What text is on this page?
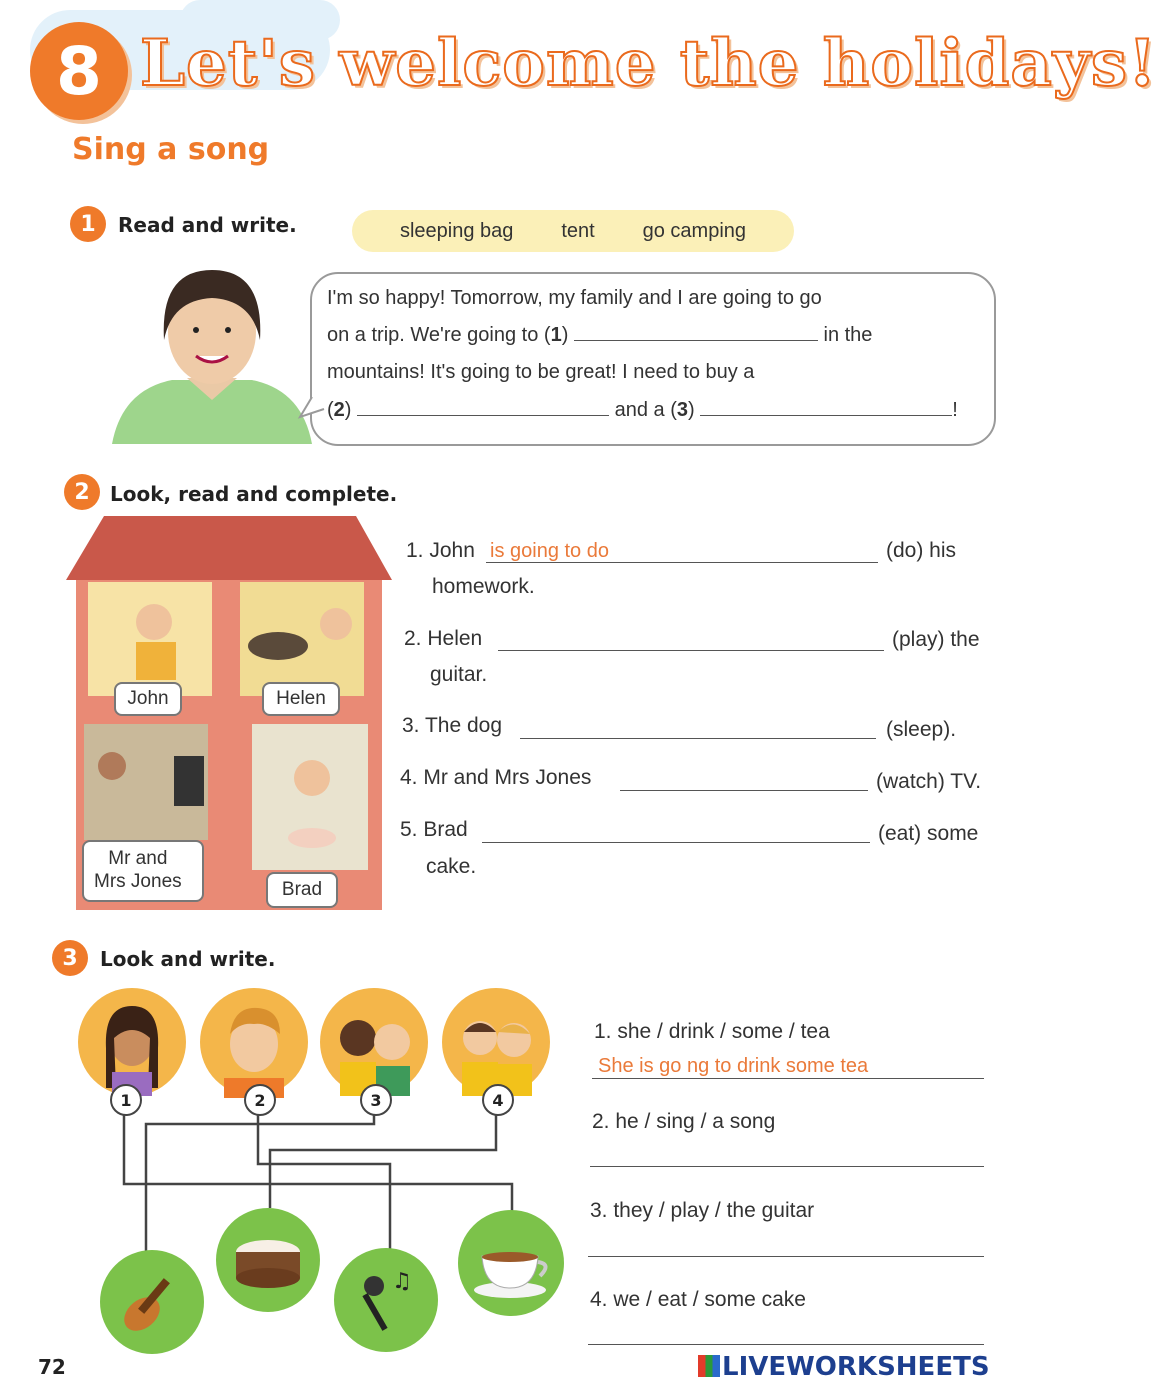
8 Let's welcome the holidays!
Sing a song
1	Read and write.	sleeping bag tent go camping
I'm so happy! Tomorrow, my family and I are going to go
on a trip. We're going to (1)	in the
mountains! It's going to be great! I need to buy a
(2)	and a (3)	!
2	Look, read and complete.
John	Helen
Mr and
Mrs Jones	Brad
1. John is going to do	(do) his
homework.
2. Helen	(play) the
guitar.
3. The dog	(sleep).
4. Mr and Mrs Jones	(watch) TV.
5. Brad	(eat) some
cake.
3	Look and write.
1	2	3	4
♫
1. she / drink / some / tea
She is go ng to drink some tea
2. he / sing / a song
3. they / play / the guitar
4. we / eat / some cake
72	LIVEWORKSHEETS
